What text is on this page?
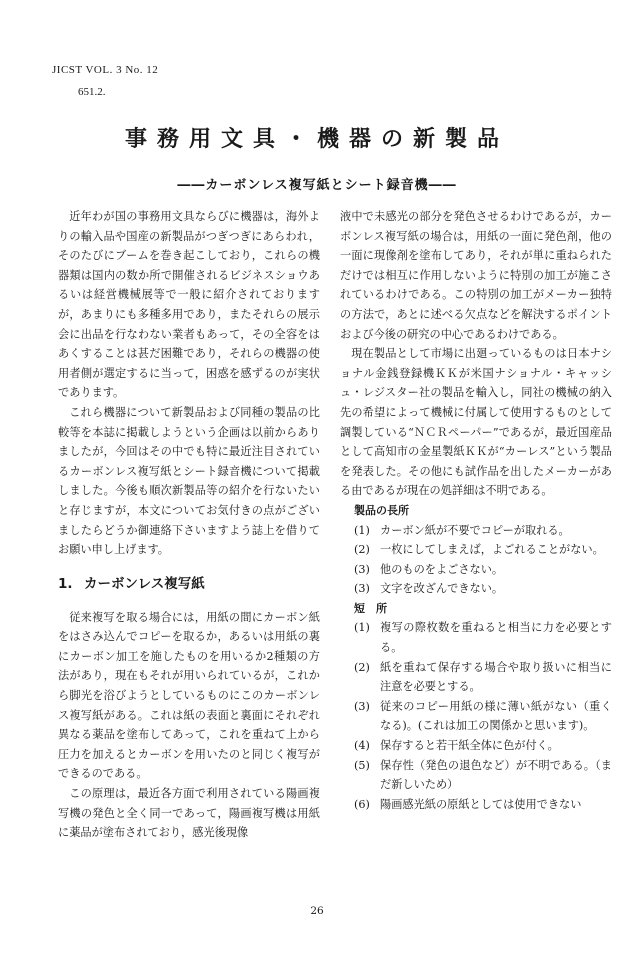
JICST VOL. 3 No. 12
651.2.
事務用文具・機器の新製品
――カーボンレス複写紙とシート録音機――

近年わが国の事務用文具ならびに機器は，海外よりの輸入品や国産の新製品がつぎつぎにあらわれ，そのたびにブームを巻き起こしており，これらの機器類は国内の数か所で開催されるビジネスショウあるいは経営機械展等で一般に紹介されておりますが，あまりにも多種多用であり，またそれらの展示会に出品を行なわない業者もあって，その全容をはあくすることは甚だ困難であり，それらの機器の使用者側が選定するに当って，困惑を感ずるのが実状であります。

これら機器について新製品および同種の製品の比較等を本誌に掲載しようという企画は以前からありましたが，今回はその中でも特に最近注目されているカーボンレス複写紙とシート録音機について掲載しました。今後も順次新製品等の紹介を行ないたいと存じますが，本文についてお気付きの点がございましたらどうか御連絡下さいますよう誌上を借りてお願い申し上げます。

1. カーボンレス複写紙

従来複写を取る場合には，用紙の間にカーボン紙をはさみ込んでコピーを取るか，あるいは用紙の裏にカーボン加工を施したものを用いるか2種類の方法があり，現在もそれが用いられているが，これから脚光を浴びようとしているものにこのカーボンレス複写紙がある。これは紙の表面と裏面にそれぞれ異なる薬品を塗布してあって，これを重ねて上から圧力を加えるとカーボンを用いたのと同じく複写ができるのである。

この原理は，最近各方面で利用されている陽画複写機の発色と全く同一であって，陽画複写機は用紙に薬品が塗布されており，感光後現像

液中で未感光の部分を発色させるわけであるが，カーボンレス複写紙の場合は，用紙の一面に発色剤，他の一面に現像剤を塗布してあり，それが単に重ねられただけでは相互に作用しないように特別の加工が施こされているわけである。この特別の加工がメーカー独特の方法で，あとに述べる欠点などを解決するポイントおよび今後の研究の中心であるわけである。

現在製品として市場に出廻っているものは日本ナショナル金銭登録機ＫＫが米国ナショナル・キャッシュ・レジスター社の製品を輸入し，同社の機械の納入先の希望によって機械に付属して使用するものとして調製している“ＮＣＲペーパー”であるが，最近国産品として高知市の金星製紙ＫＫが“カーレス”という製品を発表した。その他にも試作品を出したメーカーがある由であるが現在の処詳細は不明である。

製品の長所
(1) カーボン紙が不要でコピーが取れる。
(2) 一枚にしてしまえば，よごれることがない。
(3) 他のものをよごさない。
(3) 文字を改ざんできない。
短　所
(1) 複写の際枚数を重ねると相当に力を必要とする。
(2) 紙を重ねて保存する場合や取り扱いに相当に注意を必要とする。
(3) 従来のコピー用紙の様に薄い紙がない（重くなる)。(これは加工の関係かと思います)。
(4) 保存すると若干紙全体に色が付く。
(5) 保存性（発色の退色など）が不明である。（まだ新しいため）
(6) 陽画感光紙の原紙としては使用できない
26
